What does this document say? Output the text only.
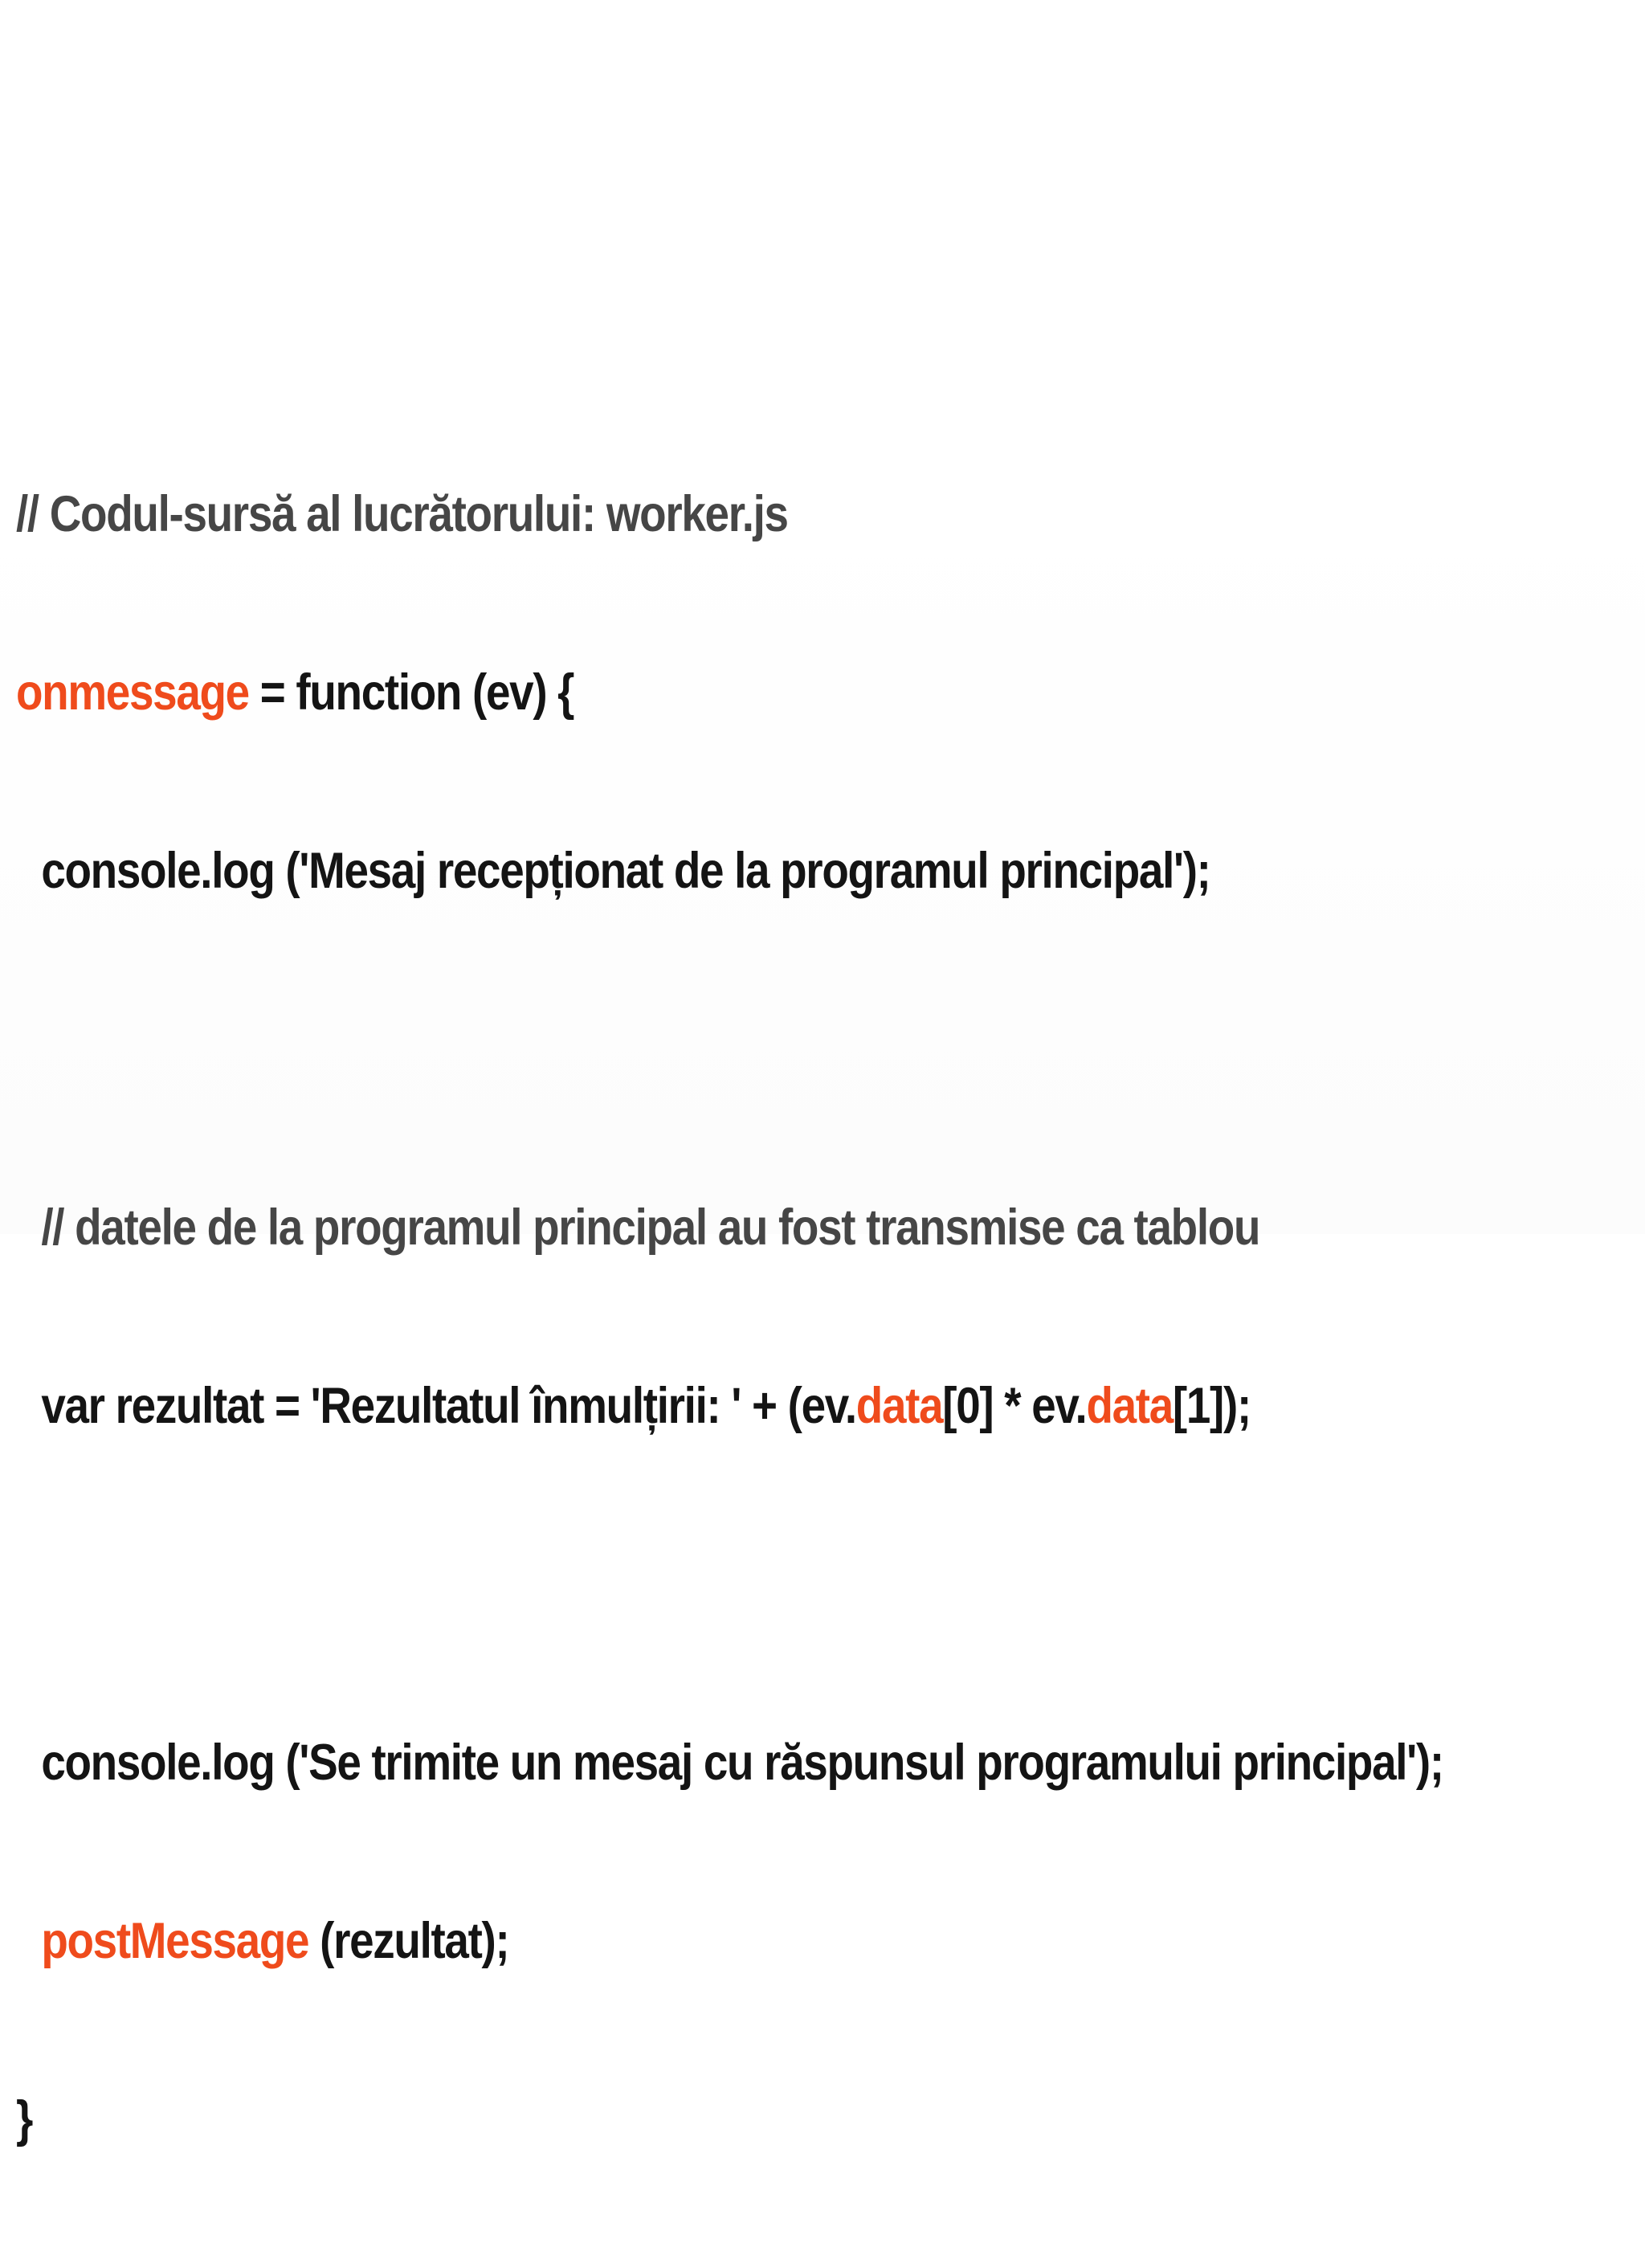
// Codul-sursă al lucrătorului: worker.js

onmessage = function (ev) {

console.log ('Mesaj recepționat de la programul principal');

// datele de la programul principal au fost transmise ca tablou

var rezultat = 'Rezultatul înmulțirii: ' + (ev.data[0] * ev.data[1]);

console.log ('Se trimite un mesaj cu răspunsul programului principal');

postMessage (rezultat);

}
